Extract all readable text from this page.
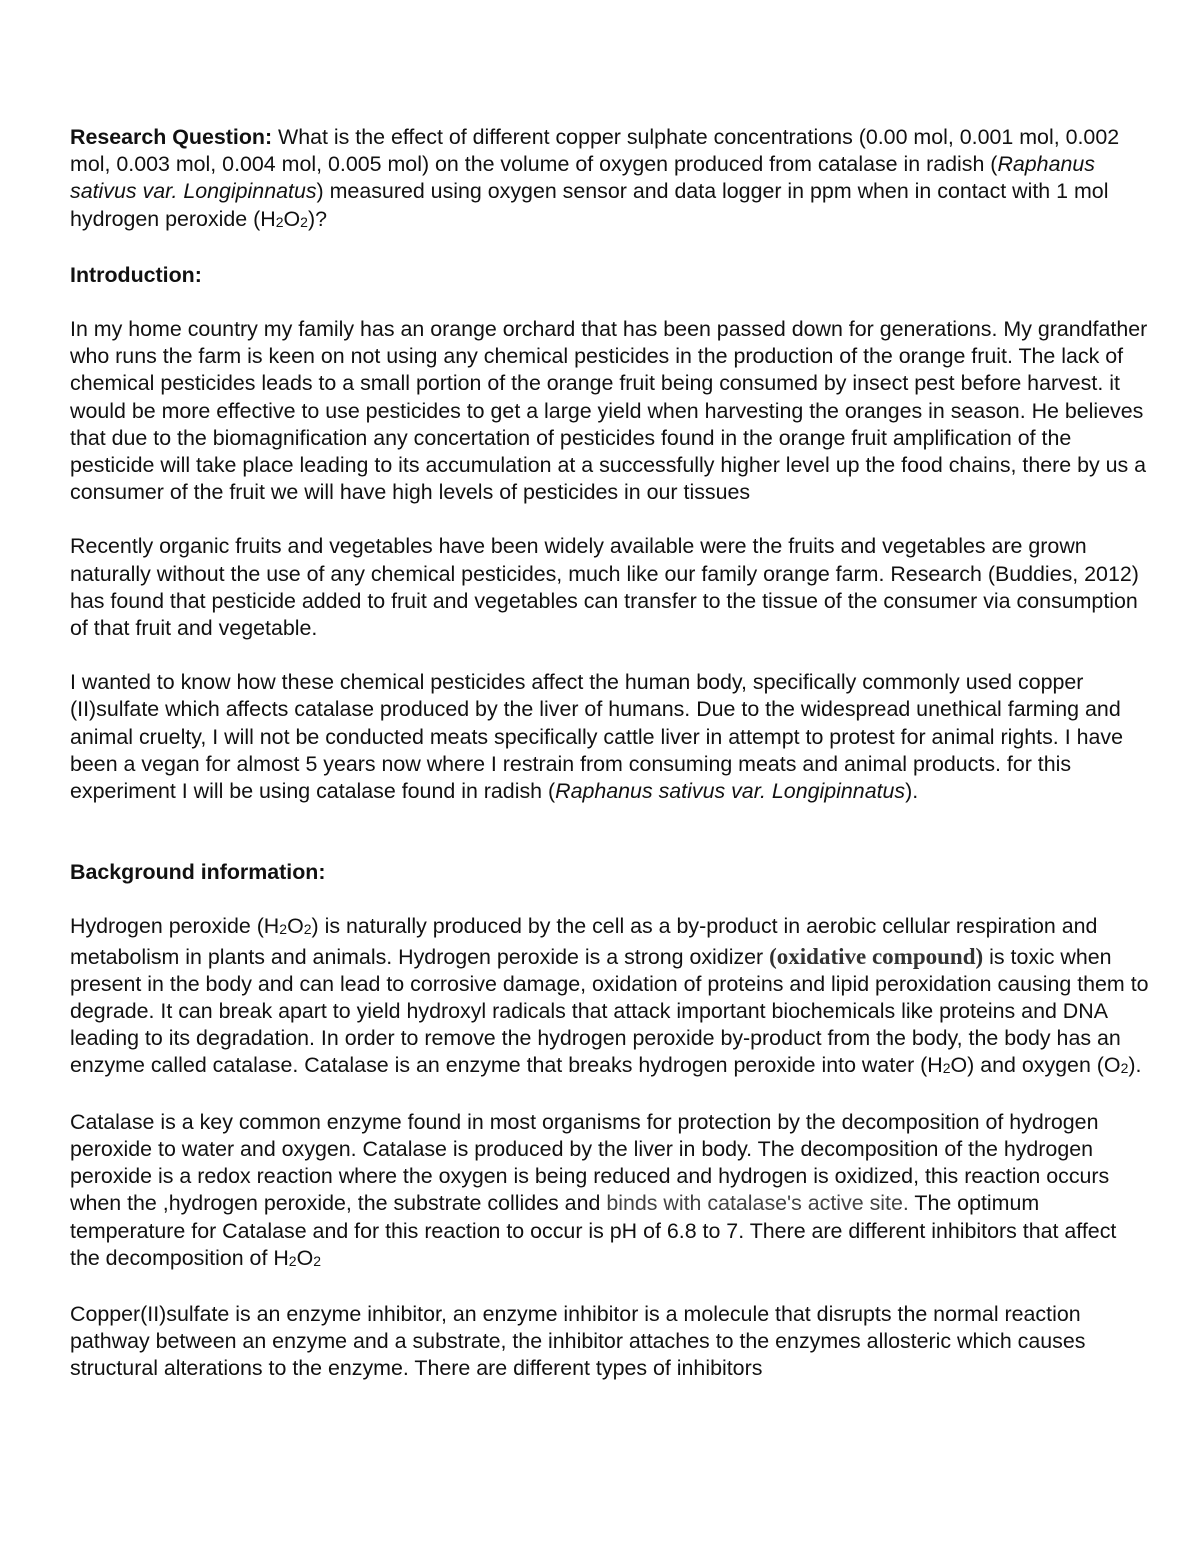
Research Question: What is the effect of different copper sulphate concentrations (0.00 mol, 0.001 mol, 0.002 mol, 0.003 mol, 0.004 mol, 0.005 mol) on the volume of oxygen produced from catalase in radish (Raphanus sativus var. Longipinnatus) measured using oxygen sensor and data logger in ppm when in contact with 1 mol hydrogen peroxide $(H_2O_2)$?

Introduction:

In my home country my family has an orange orchard that has been passed down for generations. My grandfather who runs the farm is keen on not using any chemical pesticides in the production of the orange fruit. The lack of chemical pesticides leads to a small portion of the orange fruit being consumed by insect pest before harvest. it would be more effective to use pesticides to get a large yield when harvesting the oranges in season. He believes that due to the biomagnification any concertation of pesticides found in the orange fruit amplification of the pesticide will take place leading to its accumulation at a successfully higher level up the food chains, there by us a consumer of the fruit we will have high levels of pesticides in our tissues

Recently organic fruits and vegetables have been widely available were the fruits and vegetables are grown naturally without the use of any chemical pesticides, much like our family orange farm. Research (Buddies, 2012) has found that pesticide added to fruit and vegetables can transfer to the tissue of the consumer via consumption of that fruit and vegetable.

I wanted to know how these chemical pesticides affect the human body, specifically commonly used copper (II)sulfate which affects catalase produced by the liver of humans. Due to the widespread unethical farming and animal cruelty, I will not be conducted meats specifically cattle liver in attempt to protest for animal rights. I have been a vegan for almost 5 years now where I restrain from consuming meats and animal products. for this experiment I will be using catalase found in radish (Raphanus sativus var. Longipinnatus).

Background information:

Hydrogen peroxide $(H_2O_2)$ is naturally produced by the cell as a by-product in aerobic cellular respiration and metabolism in plants and animals. Hydrogen peroxide is a strong oxidizer (oxidative compound) is toxic when present in the body and can lead to corrosive damage, oxidation of proteins and lipid peroxidation causing them to degrade. It can break apart to yield hydroxyl radicals that attack important biochemicals like proteins and DNA leading to its degradation. In order to remove the hydrogen peroxide by-product from the body, the body has an enzyme called catalase. Catalase is an enzyme that breaks hydrogen peroxide into water $(H_2O)$ and oxygen $(O_2)$.

Catalase is a key common enzyme found in most organisms for protection by the decomposition of hydrogen peroxide to water and oxygen. Catalase is produced by the liver in body. The decomposition of the hydrogen peroxide is a redox reaction where the oxygen is being reduced and hydrogen is oxidized, this reaction occurs when the ,hydrogen peroxide, the substrate collides and binds with catalase's active site. The optimum temperature for Catalase and for this reaction to occur is pH of 6.8 to 7. There are different inhibitors that affect the decomposition of $H_2O_2$

Copper(II)sulfate is an enzyme inhibitor, an enzyme inhibitor is a molecule that disrupts the normal reaction pathway between an enzyme and a substrate, the inhibitor attaches to the enzymes allosteric which causes structural alterations to the enzyme. There are different types of inhibitors
